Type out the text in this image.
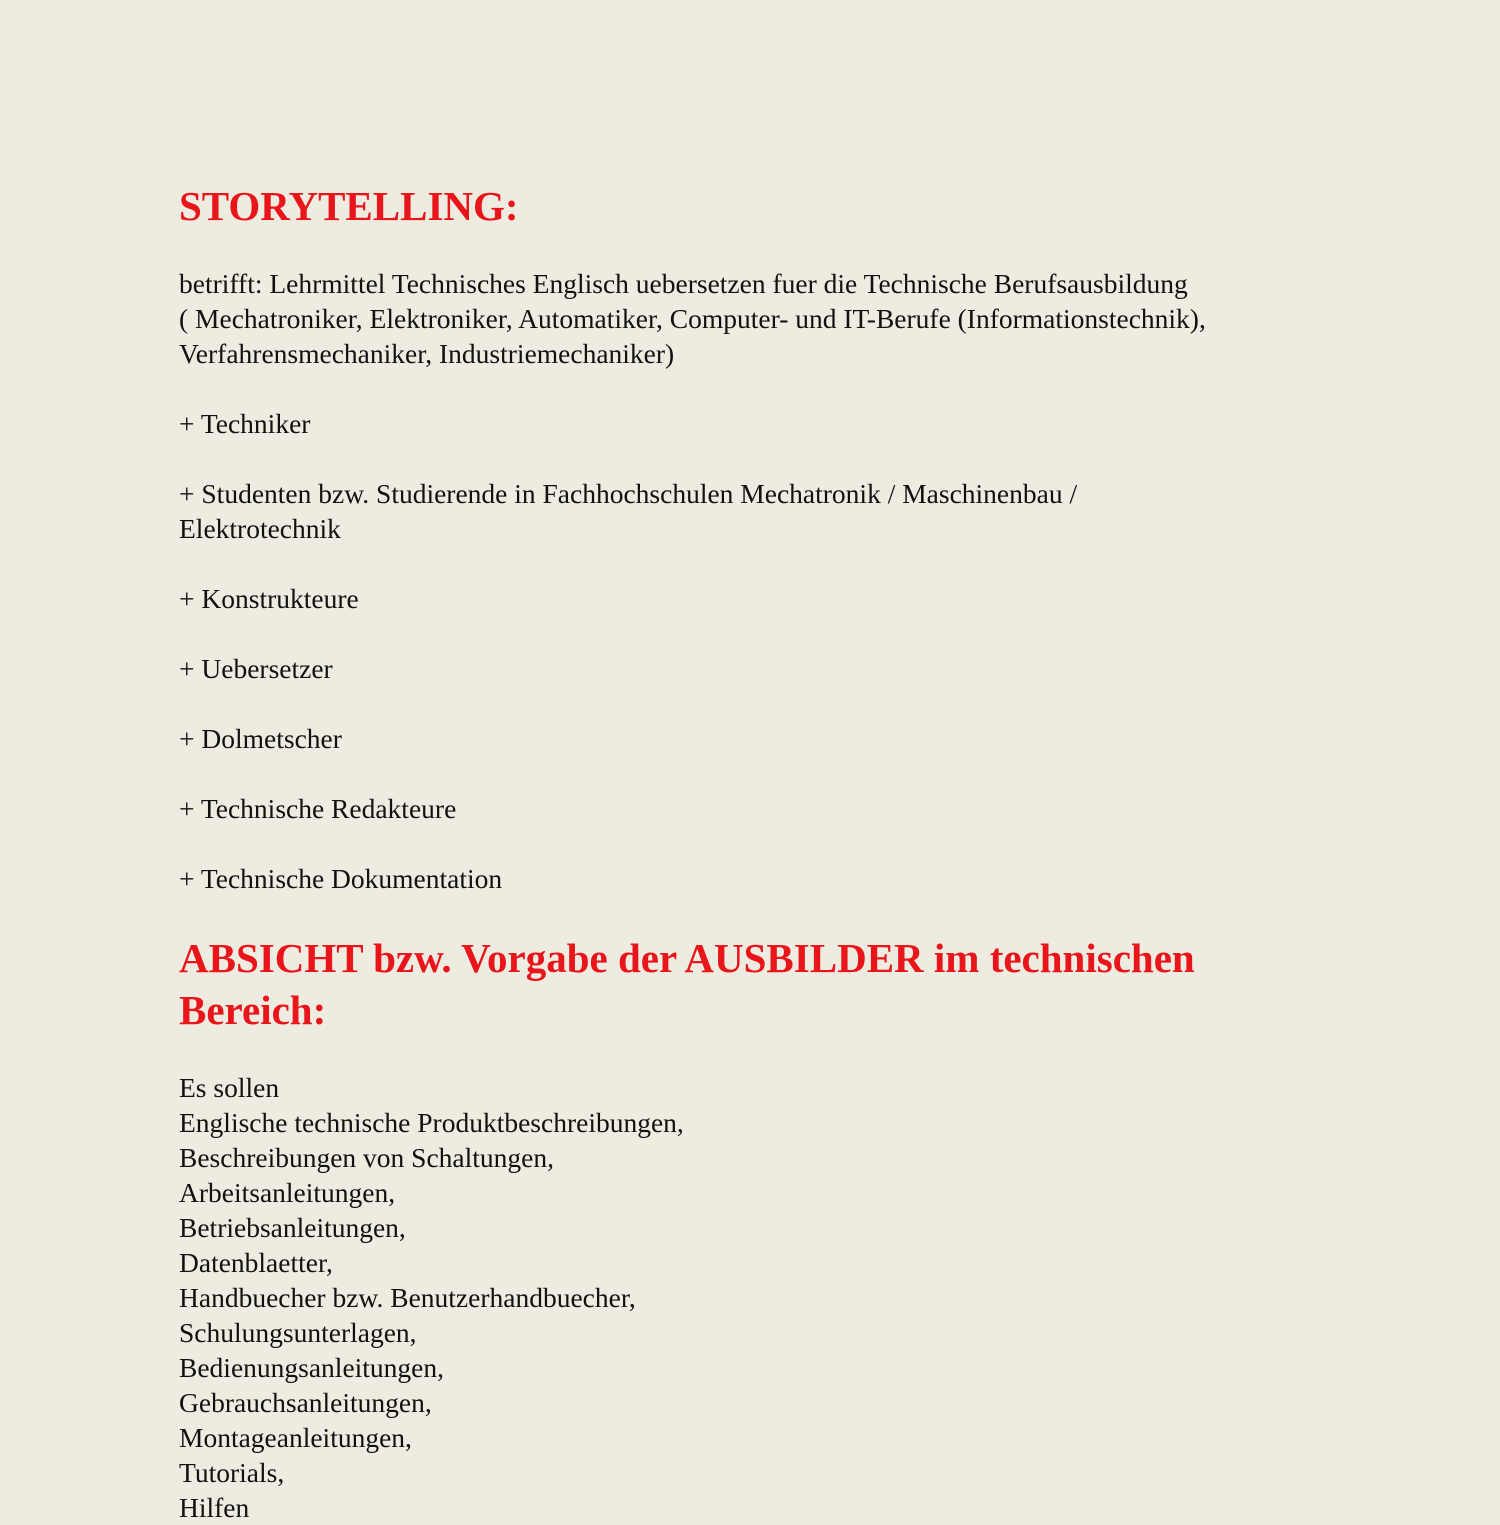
STORYTELLING:
betrifft: Lehrmittel Technisches Englisch uebersetzen fuer die Technische Berufsausbildung
( Mechatroniker, Elektroniker, Automatiker, Computer- und IT-Berufe (Informationstechnik),
Verfahrensmechaniker, Industriemechaniker)
+ Techniker
+ Studenten bzw. Studierende in Fachhochschulen Mechatronik / Maschinenbau /
Elektrotechnik
+ Konstrukteure
+ Uebersetzer
+ Dolmetscher
+ Technische Redakteure
+ Technische Dokumentation
ABSICHT bzw. Vorgabe der AUSBILDER im technischen
Bereich:
Es sollen
Englische technische Produktbeschreibungen,
Beschreibungen von Schaltungen,
Arbeitsanleitungen,
Betriebsanleitungen,
Datenblaetter,
Handbuecher bzw. Benutzerhandbuecher,
Schulungsunterlagen,
Bedienungsanleitungen,
Gebrauchsanleitungen,
Montageanleitungen,
Tutorials,
Hilfen
